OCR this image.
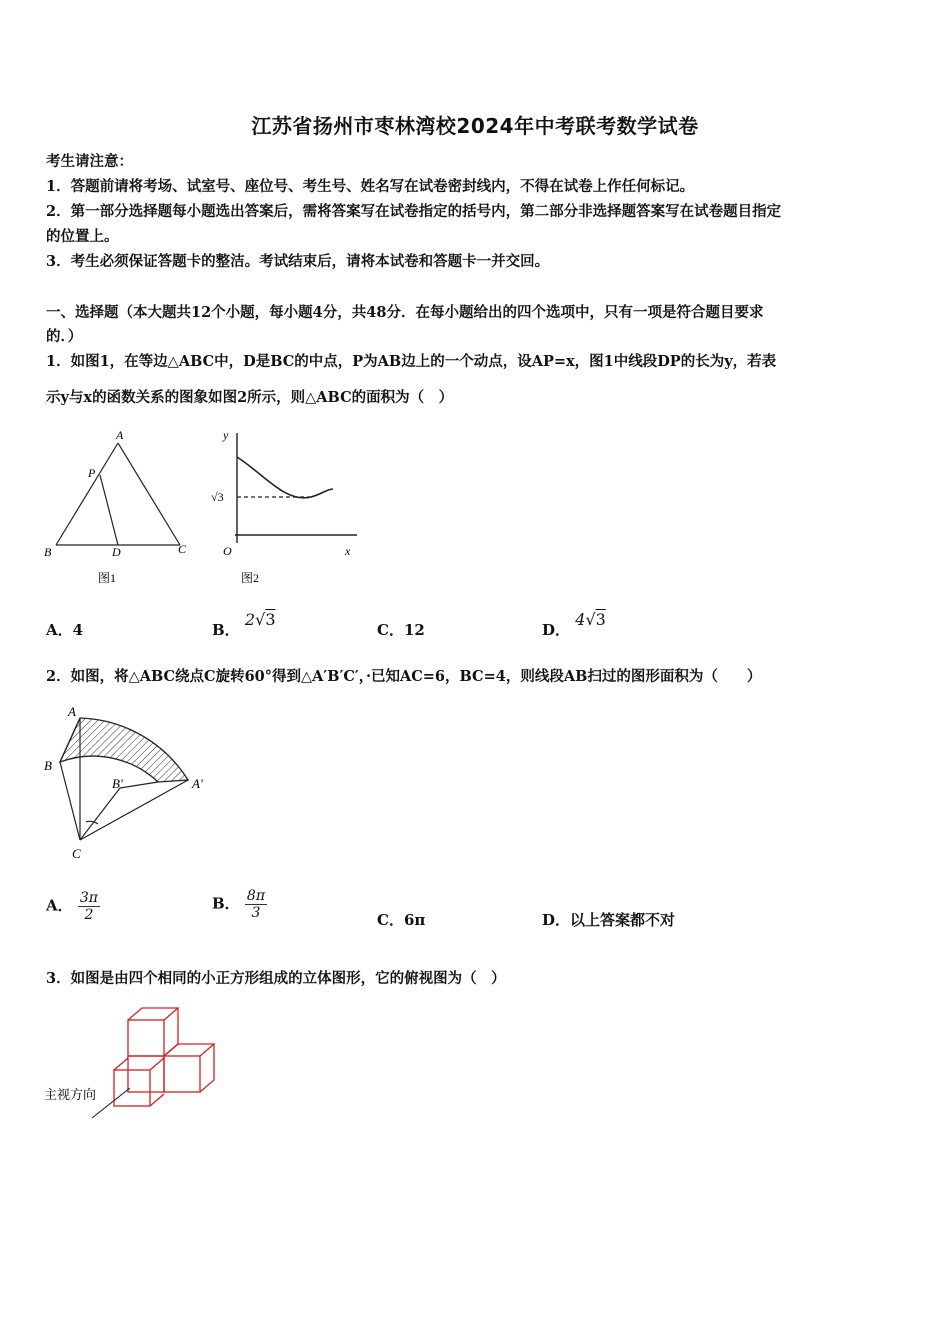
江苏省扬州市枣林湾校2024年中考联考数学试卷
考生请注意：
1．答题前请将考场、试室号、座位号、考生号、姓名写在试卷密封线内，不得在试卷上作任何标记。
2．第一部分选择题每小题选出答案后，需将答案写在试卷指定的括号内，第二部分非选择题答案写在试卷题目指定
的位置上。
3．考生必须保证答题卡的整洁。考试结束后，请将本试卷和答题卡一并交回。
一、选择题（本大题共12个小题，每小题4分，共48分．在每小题给出的四个选项中，只有一项是符合题目要求
的．）
1．如图1，在等边△ABC中，D是BC的中点，P为AB边上的一个动点，设AP=x，图1中线段DP的长为y，若表
示y与x的函数关系的图象如图2所示，则△ABC的面积为（　）
A
P
B	D	C
图1
y
x
O
√3
图2
A．4	B． 2√3
C．12	D． 4√3
2．如图，将△ABC绕点C旋转60°得到△A′B′C′，·已知AC=6，BC=4，则线段AB扫过的图形面积为（　　）
A
B
B′	A′
C
A． $\frac{3\pi}{2}$	B． $\frac{8\pi}{3}$	C．6π	D．以上答案都不对
3．如图是由四个相同的小正方形组成的立体图形，它的俯视图为（　）
主视方向
